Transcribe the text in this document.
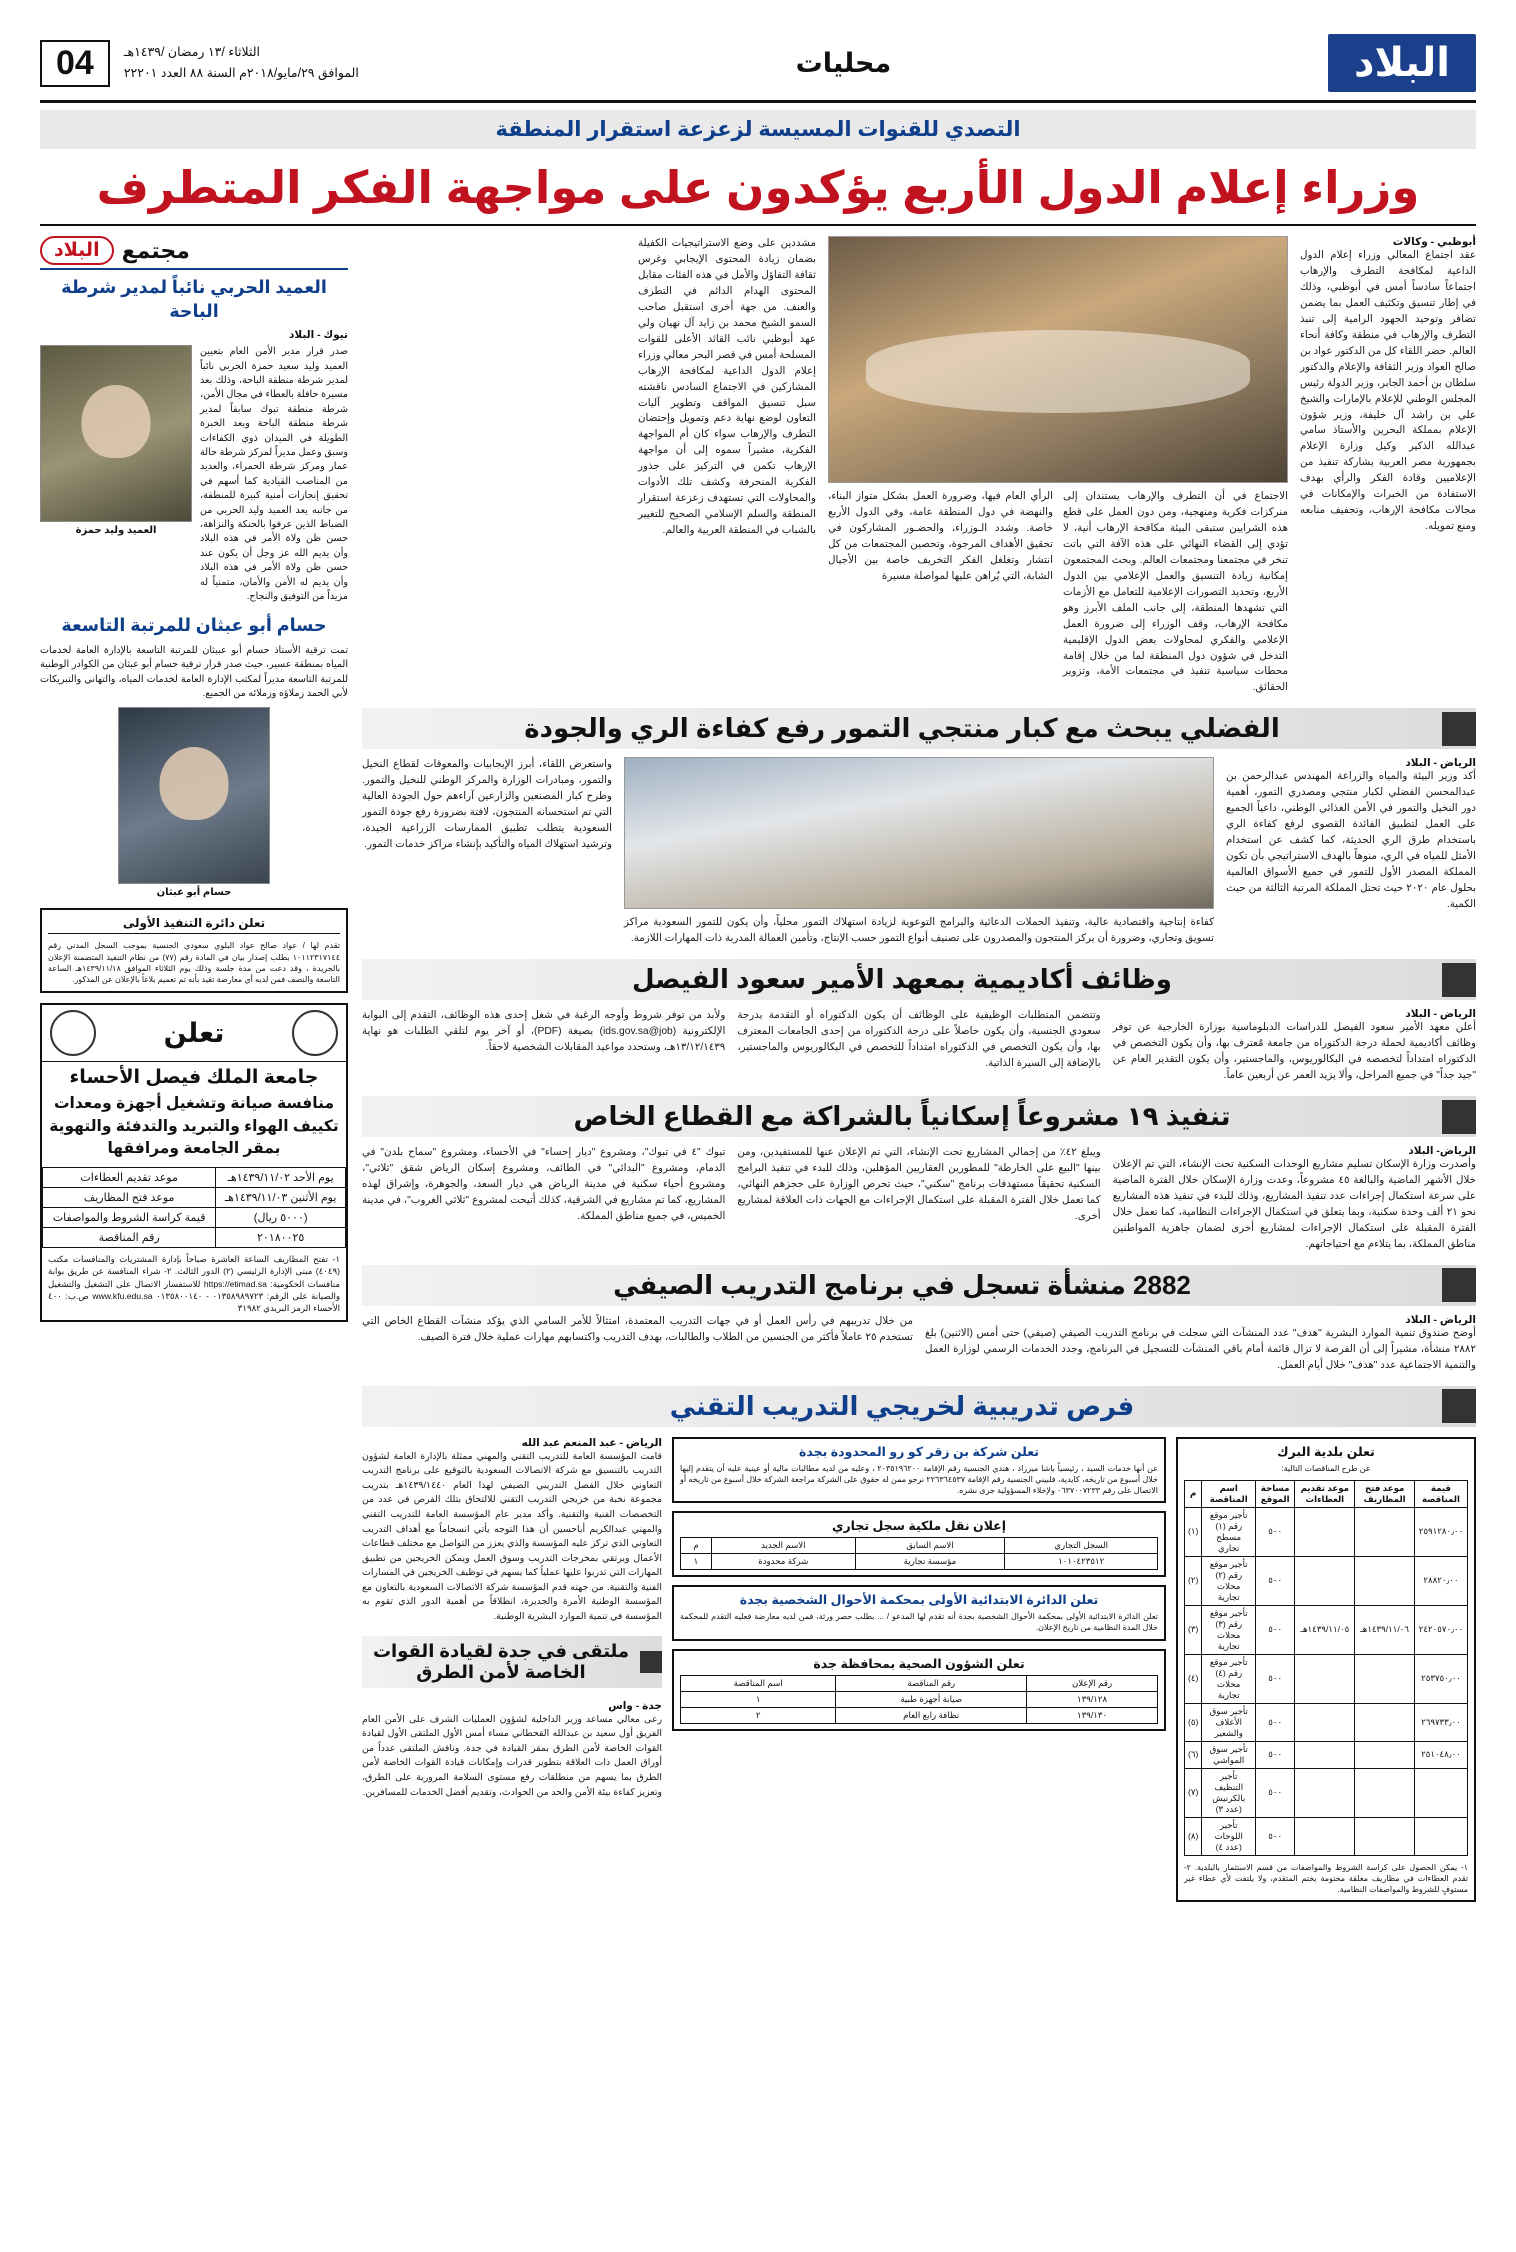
البلاد
محليات
الثلاثاء /١٣ رمضان /١٤٣٩هـ
الموافق ٢٩/مايو/٢٠١٨م السنة ٨٨ العدد ٢٢٢٠١
04
التصدي للقنوات المسيسة لزعزعة استقرار المنطقة
وزراء إعلام الدول الأربع يؤكدون على مواجهة الفكر المتطرف
أبوظبي - وكالات
عقد اجتماع المعالي وزراء إعلام الدول الداعية لمكافحة التطرف والإرهاب اجتماعاً سادساً أمس في أبوظبي، وذلك في إطار تنسيق وتكثيف العمل بما يضمن تضافر وتوحيد الجهود الرامية إلى تنبذ التطرف والإرهاب في منطقة وكافة أنحاء العالم. حضر اللقاء كل من الدكتور عواد بن صالح العواد وزير الثقافة والإعلام والدكتور سلطان بن أحمد الجابر، وزير الدولة رئيس المجلس الوطني للإعلام بالإمارات والشيخ علي بن راشد آل خليفة، وزير شؤون الإعلام بمملكة البحرين والأستاذ سامي عبدالله الذكير وكيل وزارة الإعلام بجمهورية مصر العربية يشاركة تنفيذ من الإعلاميين وقادة الفكر والرأي بهدف الاستفادة من الخبرات والإمكانات في مجالات مكافحة الإرهاب، وتجفيف منابعه ومنع تمويله.
الاجتماع في أن التطرف والإرهاب يستندان إلى منركزات فكرية ومنهجية، ومن دون العمل على قطع هذه الشرايين ستبقى البيئة مكافحة الإرهاب أنية، لا تؤدي إلى القضاء النهائي على هذه الآفة التي باتت تنخر في مجتمعنا ومجتمعات العالم. وبحث المجتمعون إمكانية زيادة التنسيق والعمل الإعلامي بين الدول الأربع، وتحديد التصورات الإعلامية للتعامل مع الأزمات التي تشهدها المنطقة، إلى جانب الملف الأبرز وهو مكافحة الإرهاب، وقف الوزراء إلى ضرورة العمل الإعلامي والفكري لمحاولات بعض الدول الإقليمية التدخل في شؤون دول المنطقة لما من خلال إقامة محطات سياسية تنفيذ في مجتمعات الأمة، وتزوير الحقائق.
الرأي العام فيها، وضرورة العمل بشكل متواز البناء، والنهضة في دول المنطقة عامة، وفي الدول الأربع خاصة. وشدد الـوزراء، والحضـور المشاركون في تحقيق الأهداف المرجوة، وتحصين المجتمعات من كل انتشار وتغلغل الفكر التخريف خاصة بين الأجيال الشابة، التي يُراهن عليها لمواصلة مسيرة
مشددين على وضع الاستراتيجيات الكفيلة بضمان زيادة المحتوى الإيجابي وغرس ثقافة التفاؤل والأمل في هذه الفئات مقابل المحتوى الهدام الدائم في التطرف والعنف. من جهة أخرى استقبل صاحب السمو الشيخ محمد بن زايد آل نهيان ولي عهد أبوظبي نائب القائد الأعلى للقوات المسلحة أمس في قصر البحر معالي وزراء إعلام الدول الداعية لمكافحة الإرهاب المشاركين في الاجتماع السادس ناقشته سبل تنسيق المواقف وتطوير آليات التعاون لوضع نهاية دعم وتمويل وإحتضان التطرف والإرهاب سواء كان أم المواجهة الفكرية، مشيراً سموه إلى أن مواجهة الإرهاب تكمن في التركيز على جذور الفكرية المنحرفة وكشف تلك الأدوات والمحاولات التي تستهدف زعزعة استقرار المنطقة والسلم الإسلامي الصحيح للتغيير بالشباب في المنطقة العربية والعالم.
الفضلي يبحث مع كبار منتجي التمور رفع كفاءة الري والجودة
الرياض - البلاد
أكد وزير البيئة والمياه والزراعة المهندس عبدالرحمن بن عبدالمحسن الفضلي لكبار منتجي ومصدري التمور، أهمية دور النخيل والتمور في الأمن الغذائي الوطني، داعياً الجميع على العمل لتطبيق الفائدة القصوى لرفع كفاءة الري باستخدام طرق الري الحديثة، كما كشف عن استخدام الأمثل للمياه في الري، منوهاً بالهدف الاستراتيجي بأن تكون المملكة المصدر الأول للتمور في جميع الأسواق العالمية بحلول عام ٢٠٢٠ حيث تحتل المملكة المرتبة الثالثة من حيث الكمية.
كفاءة إنتاجية واقتصادية عالية، وتنفيذ الحملات الدعائية والبرامج التوعوية لزيادة استهلاك التمور محلياً، وأن يكون للتمور السعودية مراكز تسويق وتجاري، وضرورة أن يركز المنتجون والمصدرون على تصنيف أنواع التمور حسب الإنتاج، وتأمين العمالة المدربة ذات المهارات اللازمة.
واستعرض اللقاء، أبرز الإيجابيات والمعوقات لقطاع النخيل والتمور، ومبادرات الوزارة والمركز الوطني للنخيل والتمور. وطرح كبار المصنعين والزارعين آراءهم حول الجودة العالية التي تم استحسانه المنتجون، لافتة بضرورة رفع جودة التمور السعودية يتطلب تطبيق الممارسات الزراعية الجيدة، وترشيد استهلاك المياه والتأكيد بإنشاء مراكز خدمات التمور.
وظائف أكاديمية بمعهد الأمير سعود الفيصل
الرياض - البلاد
أعلن معهد الأمير سعود الفيصل للدراسات الدبلوماسية بوزارة الخارجية عن توفر وظائف أكاديمية لحملة درجة الدكتوراه من جامعة مُعترف بها، وأن يكون التخصص في الدكتوراه امتداداً لتخصصه في البكالوريوس، والماجستير، وأن يكون التقدير العام عن "جيد جداً" في جميع المراحل، وألا يزيد العمر عن أربعين عاماً.
وتتضمن المتطلبات الوظيفية على الوظائف أن يكون الدكتوراه أو التقدمة بدرجة سعودي الجنسية، وأن يكون حاصلاً على درجة الدكتوراه من إحدى الجامعات المعترف بها، وأن يكون التخصص في الدكتوراه امتداداً للتخصص في البكالوريوس والماجستير، بالإضافة إلى السيرة الذاتية.
ولأبد من توفر شروط وأوجه الرغبة في شغل إحدى هذه الوظائف، التقدم إلى البوابة الإلكترونية (ids.gov.sa@job) بصيغة (PDF)، أو آخر يوم لتلقي الطلبات هو نهاية ١٣/١٢/١٤٣٩هـ، وستحدد مواعيد المقابلات الشخصية لاحقاً.
تنفيذ ١٩ مشروعاً إسكانياً بالشراكة مع القطاع الخاص
الرياض- البلاد
وأصدرت وزارة الإسكان تسليم مشاريع الوحدات السكنية تحت الإنشاء، التي تم الإعلان خلال الأشهر الماضية والبالغة ٤٥ مشروعاً، وعدت وزارة الإسكان خلال الفترة الماضية على سرعة استكمال إجراءات عدد تنفيذ المشاريع، وذلك للبدء في تنفيذ هذه المشاريع نحو ٢١ ألف وحدة سكنية، وبما يتعلق في استكمال الإجراءات النظامية، كما تعمل خلال الفترة المقبلة على استكمال الإجراءات لمشاريع أخرى لضمان جاهزية المواطنين مناطق المملكة، بما يتلاءم مع احتياجاتهم.
ويبلغ ٤٢٪ من إجمالي المشاريع تحت الإنشاء، التي تم الإعلان عنها للمستفيدين، ومن بينها "البيع على الخارطة" للمطورين العقاريين المؤهلين، وذلك للبدء في تنفيذ البرامج السكنية تحقيقاً مستهدفات برنامج "سكني"، حيث تحرص الوزارة على حجزهم النهائي، كما تعمل خلال الفترة المقبلة على استكمال الإجراءات مع الجهات ذات العلاقة لمشاريع أخرى.
تبوك "٤ في تبوك"، ومشروع "ديار إحساء" في الأحساء، ومشروع "سماح بلدن" في الدمام، ومشروع "البدائي" في الطائف، ومشروع إسكان الرياض شقق "ثلاثي"، ومشروع أحياء سكنية في مدينة الرياض هي ديار السعد، والجوهرة، وإشراق لهذه المشاريع، كما تم مشاريع في الشرقية، كذلك أتيحت لمشروع "ثلاثي الغروب"، في مدينة الخميس، في جميع مناطق المملكة.
2882 منشأة تسجل في برنامج التدريب الصيفي
الرياض - البلاد
أوضح صندوق تنمية الموارد البشرية "هدف" عدد المنشآت التي سجلت في برنامج التدريب الصيفي (صيفي) حتى أمس (الاثنين) بلغ ٢٨٨٢ منشأة، مشيراً إلى أن الفرصة لا تزال قائمة أمام باقي المنشآت للتسجيل في البرنامج، وجدد الخدمات الرسمي لوزارة العمل والتنمية الاجتماعية عدد "هدف" خلال أيام العمل.
من خلال تدريبهم في رأس العمل أو في جهات التدريب المعتمدة، امتثالاً للأمر السامي الذي يؤكد منشآت القطاع الخاص التي تستخدم ٢٥ عاملاً فأكثر من الجنسين من الطلاب والطالبات، بهدف التدريب واكتسابهم مهارات عملية خلال فترة الصيف.
فرص تدريبية لخريجي التدريب التقني
تعلن بلدية البرك
عن طرح المناقصات التالية:
قيمة المناقصة	موعد فتح المظاريف	موعد تقديم العطاءات	مساحة الموقع	اسم المناقصة	م
٢٥٩١٢٨٠٫٠٠			٥٠٠	تأجير موقع رقم (١) مسطح تجاري	(١)
٢٨٨٢٠٫٠٠			٥٠٠	تأجير موقع رقم (٢) محلات تجارية	(٢)
٢٤٢٠٥٧٠٫٠٠	١٤٣٩/١١/٠٦هـ	١٤٣٩/١١/٠٥هـ	٥٠٠	تأجير موقع رقم (٣) محلات تجارية	(٣)
٢٥٣٧٥٠٫٠٠			٥٠٠	تأجير موقع رقم (٤) محلات تجارية	(٤)
٢٦٩٧٣٣٫٠٠			٥٠٠	تأجير سوق الأعلاف والشعير	(٥)
٢٥١٠٤٨٫٠٠			٥٠٠	تأجير سوق المواشي	(٦)
			٥٠٠	تأجير التنظيف بالكرنيش (عدد ٣)	(٧)
			٥٠٠	تأجير اللوحات (عدد ٤)	(٨)
١- يمكن الحصول على كراسة الشروط والمواصفات من قسم الاستثمار بالبلدية. ٢- تقدم العطاءات في مظاريف مغلقة مختومة بختم المتقدم، ولا يلتفت لأي عطاء غير مستوفٍ للشروط والمواصفات النظامية.
تعلن شركة بن زقر كو رو المحدودة بجدة
عن أنها خدمات السيد ، رئيسياً باشا ميرزاد ، هندي الجنسية رقم الإقامة ٢٠٣٥١٩٦٢٠٠ ، وعليه من لديه مطالبات مالية أو عينية عليه أن يتقدم إليها خلال أسبوع من تاريخه، كايدية، فلبيني الجنسية رقم الإقامة ٢٢٦٣٦٤٥٣٧ نرجو ممن له حقوق على الشركة مراجعة الشركة خلال أسبوع من تاريخه أو الاتصال على رقم ٠٦٣٧٠٠٧٢٣٣ ولإخلاء المسؤولية جرى نشره.
إعلان نقل ملكية سجل تجاري
السجل التجاري	الاسم السابق	الاسم الجديد	م
١٠١٠٤٢٣٥١٢	مؤسسة تجارية	شركة محدودة	١
تعلن الدائرة الابتدائية الأولى بمحكمة الأحوال الشخصية بجدة
تعلن الدائرة الابتدائية الأولى بمحكمة الأحوال الشخصية بجدة أنه تقدم لها المدعو / ... بطلب حصر ورثة، فمن لديه معارضة فعليه التقدم للمحكمة خلال المدة النظامية من تاريخ الإعلان.
تعلن الشؤون الصحية بمحافظة جدة
رقم الإعلان	رقم المناقصة	اسم المناقصة
١٣٩/١٢٨	صيانة أجهزة طبية	١
١٣٩/١٣٠	نظافة رابع العام	٢
الرياض - عبد المنعم عبد الله
قامت المؤسسة العامة للتدريب التقني والمهني ممثلة بالإدارة العامة لشؤون التدريب بالتنسيق مع شركة الاتصالات السعودية بالتوقيع على برنامج التدريب التعاوني خلال الفصل التدريبي الصيفي لهذا العام ١٤٣٩/١٤٤٠هـ بتدريب مجموعة نخبة من خريجي التدريب التقني للالتحاق بتلك الفرص في عدد من التخصصات الفنية والتقنية. وأكد مدير عام المؤسسة العامة للتدريب التقني والمهني عبدالكريم أباحسين أن هذا التوجه يأتي انسجاماً مع أهداف التدريب التعاوني الذي تركز عليه المؤسسة والذي يعزز من التواصل مع مختلف قطاعات الأعمال ويرتقي بمخرجات التدريب وسوق العمل ويمكن الخريجين من تطبيق المهارات التي تدربوا عليها عملياً كما يسهم في توظيف الخريجين في المسارات الفنية والتقنية. من جهته قدم المؤسسة شركة الاتصالات السعودية بالتعاون مع المؤسسة الوطنية الأمرة والجديرة، انطلاقاً من أهمية الدور الذي تقوم به المؤسسة في تنمية الموارد البشرية الوطنية.
ملتقى في جدة لقيادة القوات الخاصة لأمن الطرق
جدة - واس
رعى معالي مساعد وزير الداخلية لشؤون العمليات الشرف على الأمن العام الفريق أول سعيد بن عبدالله القحطاني مساء أمس الأول الملتقى الأول لقيادة القوات الخاصة لأمن الطرق بمقر القيادة في جدة. ونافش الملتقى عدداً من أوراق العمل ذات العلاقة بتطوير قدرات وإمكانات قيادة القوات الخاصة لأمن الطرق بما يسهم من منطلقات رفع مستوى السلامة المرورية على الطرق، وتعزيز كفاءة بيئة الأمن والحد من الحوادث، وتقديم أفضل الخدمات للمسافرين.
مجتمع
البلاد
العميد الحربي نائباً لمدير شرطة الباحة
تيوك - البلاد
صدر قرار مدير الأمن العام بتعيين العميد وليد سعيد حمزة الحربي نائباً لمدير شرطة منطقة الباحة، وذلك بعد مسيرة حافلة بالعطاء في مجال الأمن، شرطة منطقة تبوك سابقاً لمدير شرطة منطقة الباحة وبعد الخبرة الطويلة في الميدان ذوي الكفاءات وسبق وعمل مديراً لمركز شرطة حالة عمار ومركز شرطة الحمراء، والعديد من المناصب القيادية كما أسهم في تحقيق إنجازات أمنية كبيرة للمنطقة، من جانبه يعد العميد وليد الحربي من الضباط الذين عرفوا بالحنكة والنزاهة، حسن ظن ولاة الأمر في هذه البلاد وأن يديم الله عز وجل أن يكون عند حسن ظن ولاة الأمر في هذه البلاد وأن يديم له الأمن والأمان، متمنياً له مزيداً من التوفيق والنجاح.
العميد وليد حمزة
حسام أبو عبثان للمرتبة التاسعة
تمت ترقية الأستاذ حسام أبو عبيثان للمرتبة التاسعة بالإدارة العامة لخدمات المياه بمنطقة عسير، حيث صدر قرار ترقية حسام أبو عبثان من الكوادر الوطنية للمرتبة التاسعة مديراً لمكتب الإدارة العامة لخدمات المياه، والتهاني والتبريكات لأبي الحمد زملاؤه وزملائه من الجميع.
حسام أبو عبثان
تعلن دائرة التنفيذ الأولى
تقدم لها / عواد صالح عواد البلوي سعودي الجنسية بموجب السجل المدني رقم ١٠١١٢٣١٧١٤٤ بطلب إصدار بيان في المادة رقم (٧٧) من نظام التنفيذ المتضمنة الإعلان بالجريدة ، وقد دعت من مدة جلسة وذلك يوم الثلاثاء الموافق ١٤٣٩/١١/١٨هـ الساعة التاسعة والنصف فمن لديه أي معارضة تقيد بأنه تم تعميم بلاغاً بالإعلان عن المذكور.
تعلن
جامعة الملك فيصل الأحساء
منافسة صيانة وتشغيل أجهزة ومعدات تكييف الهواء والتبريد والتدفئة والتهوية بمقر الجامعة ومرافقها
يوم الأحد ١٤٣٩/١١/٠٢هـ	موعد تقديم العطاءات
يوم الأثنين ١٤٣٩/١١/٠٣هـ	موعد فتح المظاريف
(٥٠٠٠ ريال)	قيمة كراسة الشروط والمواصفات
٢٠١٨٠٠٢٥	رقم المناقصة
١- تفتح المظاريف الساعة العاشرة صباحاً بإدارة المشتريات والمنافسات مكتب (٤٠٤٩) مبنى الإدارة الرئيسي (٢) الدور الثالث. ٢- شراء المنافسة عن طريق بوابة منافسات الحكومية: https://etimad.sa للاستفسار الاتصال على التشغيل والتشغيل والصيانة على الرقم: ٠١٣٥٨٩٨٩٧٢٣ - ٠١٣٥٨٠٠١٤٠ www.kfu.edu.sa ص.ب: ٤٠٠ الأحساء الرمز البريدي ٣١٩٨٢
